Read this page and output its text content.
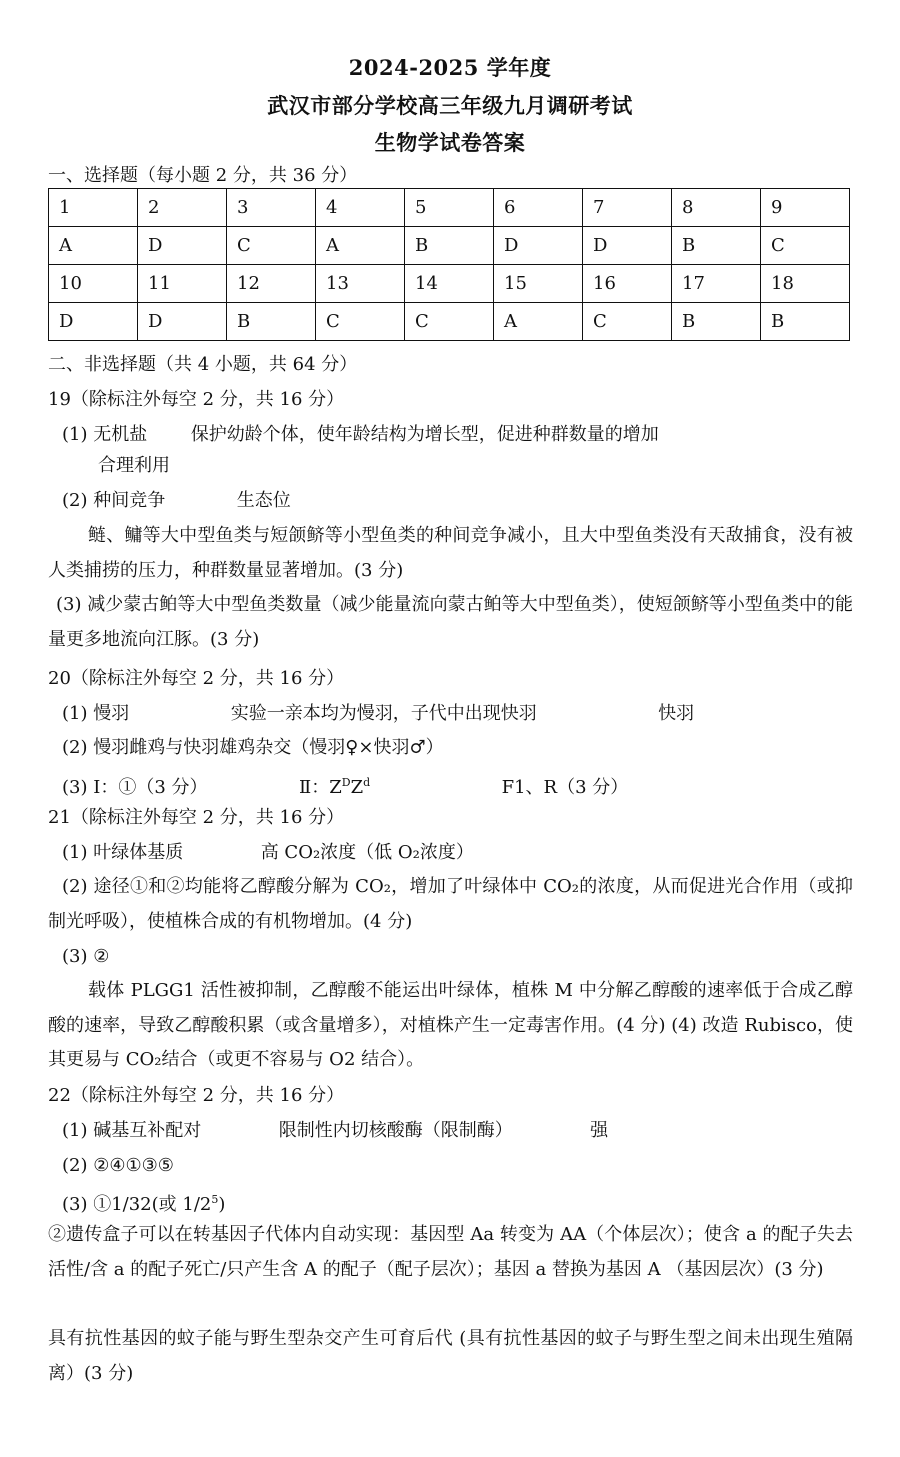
2024-2025 学年度
武汉市部分学校高三年级九月调研考试
生物学试卷答案
一、选择题（每小题 2 分，共 36 分）
1	2	3	4	5	6	7	8	9
A	D	C	A	B	D	D	B	C
10	11	12	13	14	15	16	17	18
D	D	B	C	C	A	C	B	B
二、非选择题（共 4 小题，共 64 分）
19（除标注外每空 2 分，共 16 分）
(1) 无机盐 保护幼龄个体，使年龄结构为增长型，促进种群数量的增加
合理利用
(2) 种间竞争	生态位
鲢、鳙等大中型鱼类与短颌鲚等小型鱼类的种间竞争减小，且大中型鱼类没有天敌捕食，没有被人类捕捞的压力，种群数量显著增加。(3 分)
(3) 减少蒙古鲌等大中型鱼类数量（减少能量流向蒙古鲌等大中型鱼类），使短颌鲚等小型鱼类中的能量更多地流向江豚。(3 分)
20（除标注外每空 2 分，共 16 分）
(1) 慢羽	实验一亲本均为慢羽，子代中出现快羽	快羽
(2) 慢羽雌鸡与快羽雄鸡杂交（慢羽♀×快羽♂）
(3) Ⅰ：①（3 分）	Ⅱ：$Z^DZ^d$	F1、R（3 分）
21（除标注外每空 2 分，共 16 分）
(1) 叶绿体基质	高 CO₂浓度（低 O₂浓度）
(2) 途径①和②均能将乙醇酸分解为 CO₂，增加了叶绿体中 CO₂的浓度，从而促进光合作用（或抑制光呼吸），使植株合成的有机物增加。(4 分)
(3) ②
载体 PLGG1 活性被抑制，乙醇酸不能运出叶绿体，植株 M 中分解乙醇酸的速率低于合成乙醇酸的速率，导致乙醇酸积累（或含量增多），对植株产生一定毒害作用。(4 分) (4) 改造 Rubisco，使其更易与 CO₂结合（或更不容易与 O2 结合）。
22（除标注外每空 2 分，共 16 分）
(1) 碱基互补配对	限制性内切核酸酶（限制酶）	强
(2) ②④①③⑤
(3) ①1/32(或 $1/2^5$)
②遗传盒子可以在转基因子代体内自动实现：基因型 Aa 转变为 AA（个体层次）；使含 a 的配子失去活性/含 a 的配子死亡/只产生含 A 的配子（配子层次）；基因 a 替换为基因 A （基因层次）(3 分)
具有抗性基因的蚊子能与野生型杂交产生可育后代 (具有抗性基因的蚊子与野生型之间未出现生殖隔离）(3 分)
